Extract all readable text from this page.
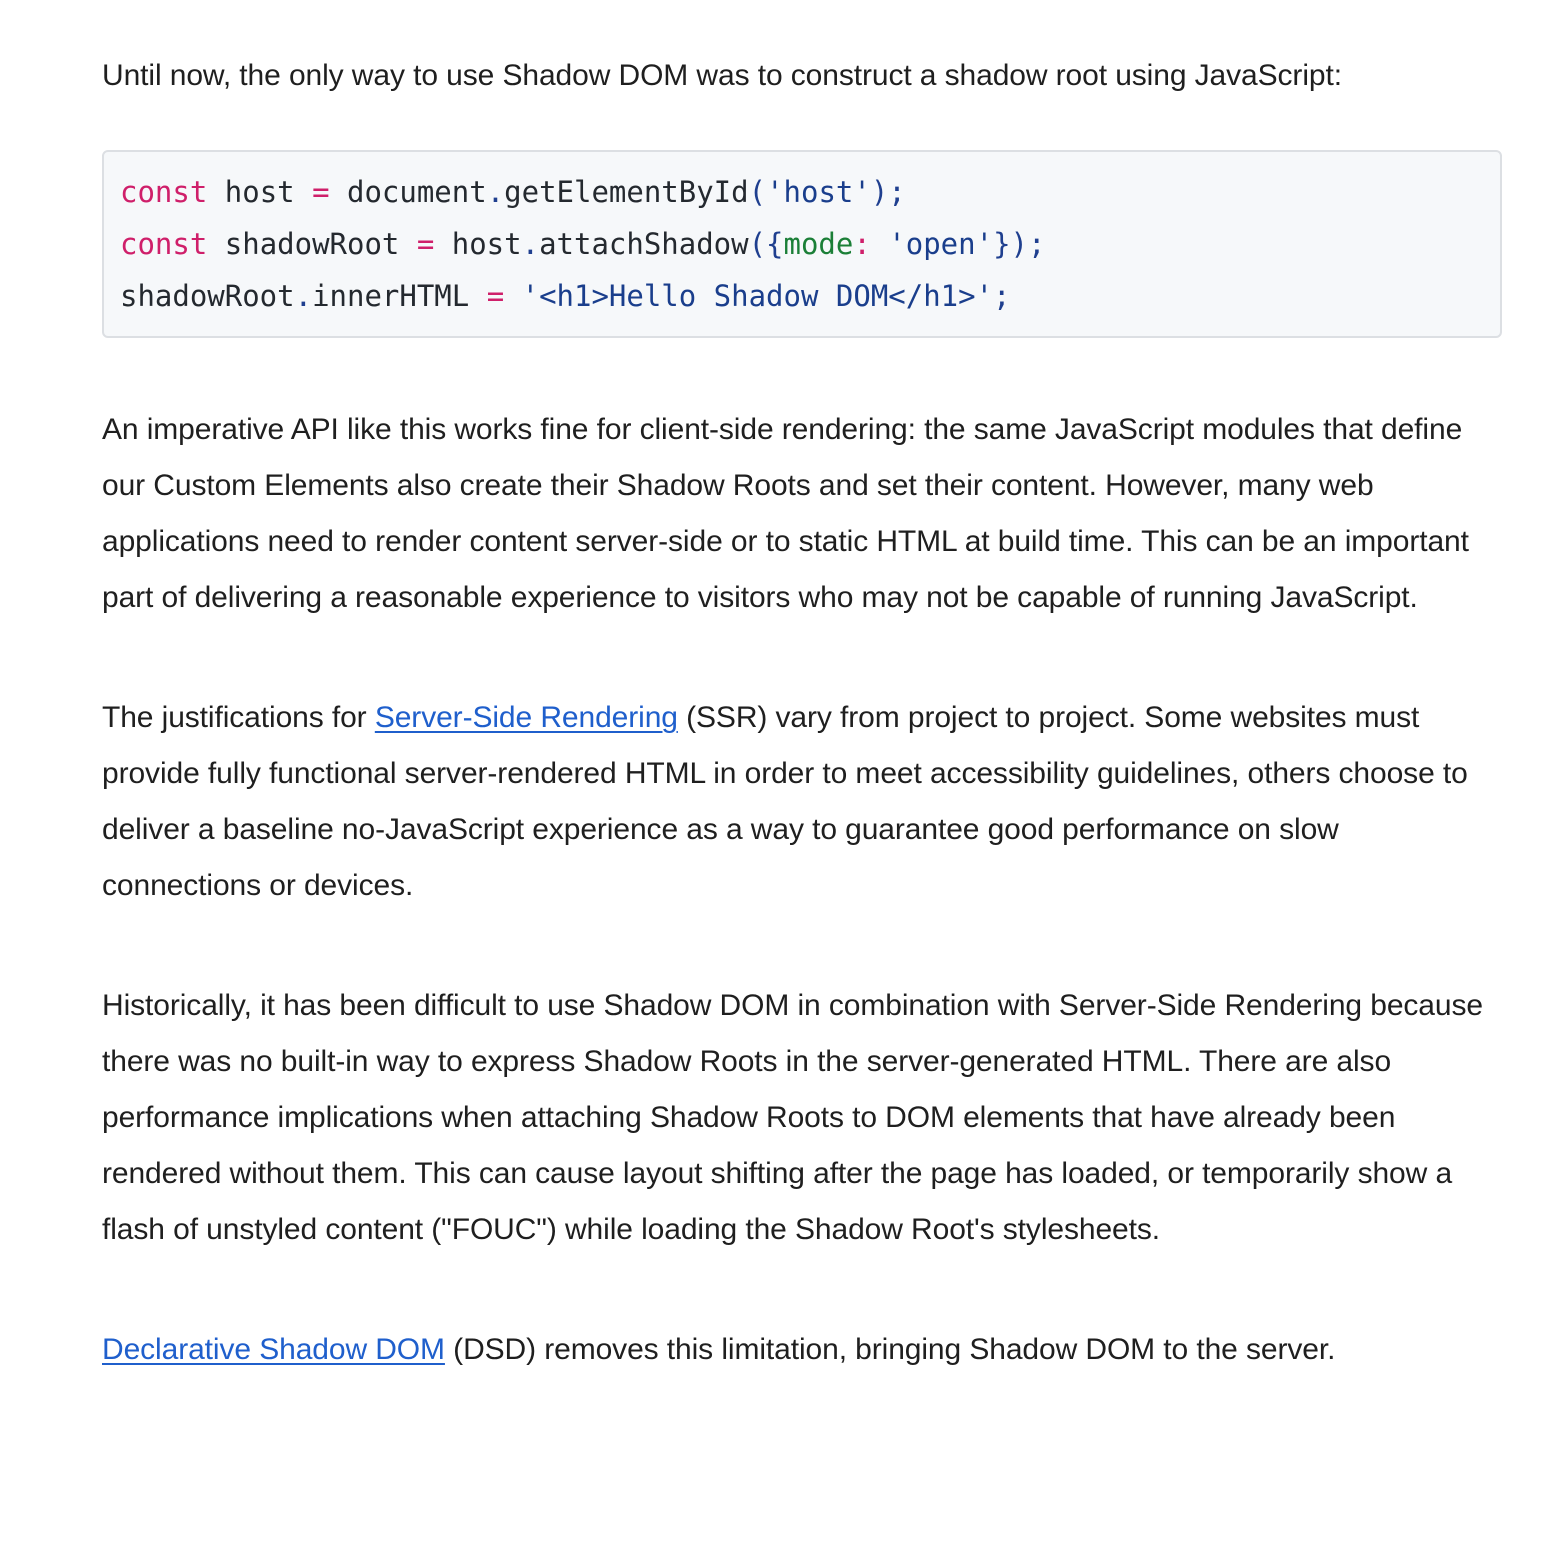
Until now, the only way to use Shadow DOM was to construct a shadow root using JavaScript:

const host = document.getElementById('host');
const shadowRoot = host.attachShadow({mode: 'open'});
shadowRoot.innerHTML = '<h1>Hello Shadow DOM</h1>';

An imperative API like this works fine for client-side rendering: the same JavaScript modules that define our Custom Elements also create their Shadow Roots and set their content. However, many web applications need to render content server-side or to static HTML at build time. This can be an important part of delivering a reasonable experience to visitors who may not be capable of running JavaScript.

The justifications for Server-Side Rendering (SSR) vary from project to project. Some websites must provide fully functional server-rendered HTML in order to meet accessibility guidelines, others choose to deliver a baseline no-JavaScript experience as a way to guarantee good performance on slow connections or devices.

Historically, it has been difficult to use Shadow DOM in combination with Server-Side Rendering because there was no built-in way to express Shadow Roots in the server-generated HTML. There are also performance implications when attaching Shadow Roots to DOM elements that have already been rendered without them. This can cause layout shifting after the page has loaded, or temporarily show a flash of unstyled content ("FOUC") while loading the Shadow Root's stylesheets.

Declarative Shadow DOM (DSD) removes this limitation, bringing Shadow DOM to the server.
